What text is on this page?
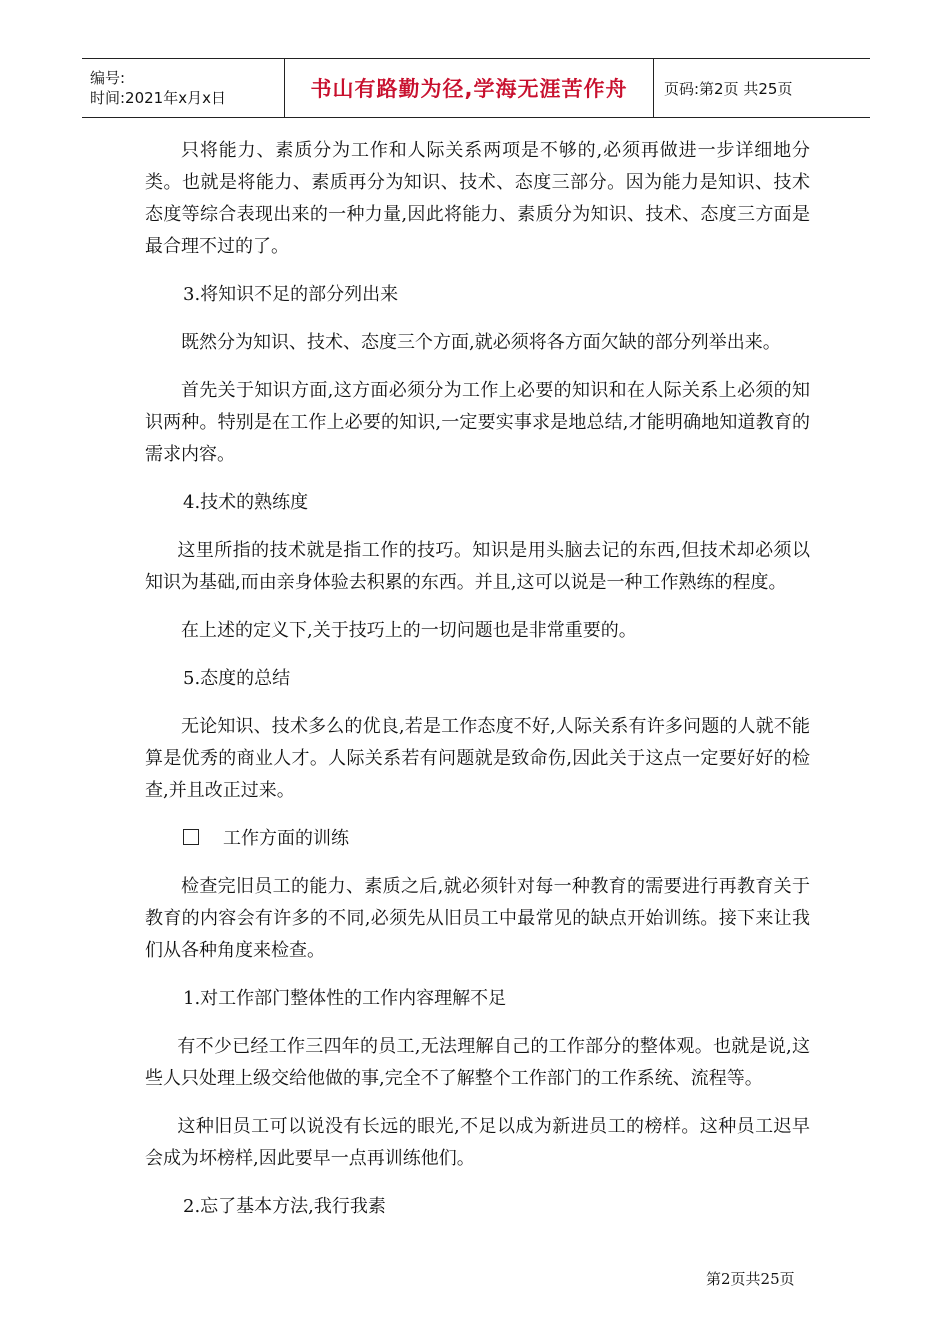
编号:
时间:2021年x月x日	书山有路勤为径,学海无涯苦作舟	页码:第2页 共25页

只将能力、素质分为工作和人际关系两项是不够的,必须再做进一步详细地分类。也就是将能力、素质再分为知识、技术、态度三部分。因为能力是知识、技术态度等综合表现出来的一种力量,因此将能力、素质分为知识、技术、态度三方面是最合理不过的了。

3.将知识不足的部分列出来

既然分为知识、技术、态度三个方面,就必须将各方面欠缺的部分列举出来。

首先关于知识方面,这方面必须分为工作上必要的知识和在人际关系上必须的知识两种。特别是在工作上必要的知识,一定要实事求是地总结,才能明确地知道教育的需求内容。

4.技术的熟练度

这里所指的技术就是指工作的技巧。知识是用头脑去记的东西,但技术却必须以知识为基础,而由亲身体验去积累的东西。并且,这可以说是一种工作熟练的程度。

在上述的定义下,关于技巧上的一切问题也是非常重要的。

5.态度的总结

无论知识、技术多么的优良,若是工作态度不好,人际关系有许多问题的人就不能算是优秀的商业人才。人际关系若有问题就是致命伤,因此关于这点一定要好好的检查,并且改正过来。

工作方面的训练

检查完旧员工的能力、素质之后,就必须针对每一种教育的需要进行再教育关于教育的内容会有许多的不同,必须先从旧员工中最常见的缺点开始训练。接下来让我们从各种角度来检查。

1.对工作部门整体性的工作内容理解不足

有不少已经工作三四年的员工,无法理解自己的工作部分的整体观。也就是说,这些人只处理上级交给他做的事,完全不了解整个工作部门的工作系统、流程等。

这种旧员工可以说没有长远的眼光,不足以成为新进员工的榜样。这种员工迟早会成为坏榜样,因此要早一点再训练他们。

2.忘了基本方法,我行我素
第2页共25页
